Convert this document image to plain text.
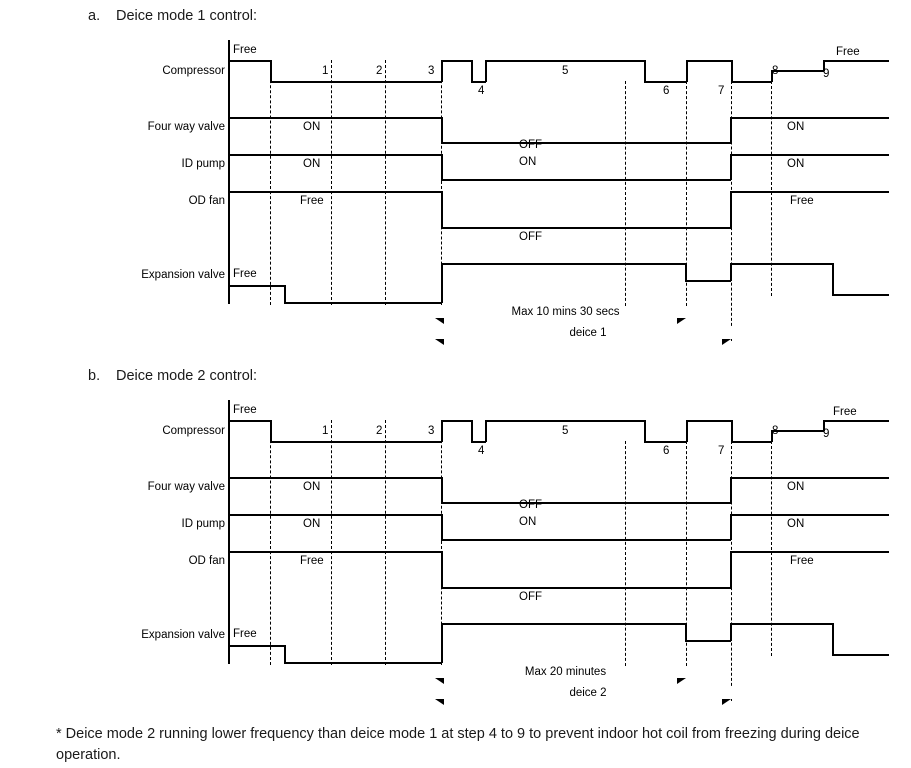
a. Deice mode 1 control:
Compressor
Four way valve
ID pump
OD fan
Expansion valve
Free	Free
1	2	3
4
5
6	7
8	9
ON
OFF
ON
ON	ON	ON
Free
OFF
Free
Free
Max 10 mins 30 secs
deice 1
b. Deice mode 2 control:
Compressor
Four way valve
ID pump
OD fan
Expansion valve
Free	Free
1	2	3
4
5
6	7
8	9
ON
OFF
ON
ON	ON	ON
Free
OFF
Free
Free
Max 20 minutes
deice 2
* Deice mode 2 running lower frequency than deice mode 1 at step 4 to 9 to prevent indoor hot coil from freezing during deice operation.
